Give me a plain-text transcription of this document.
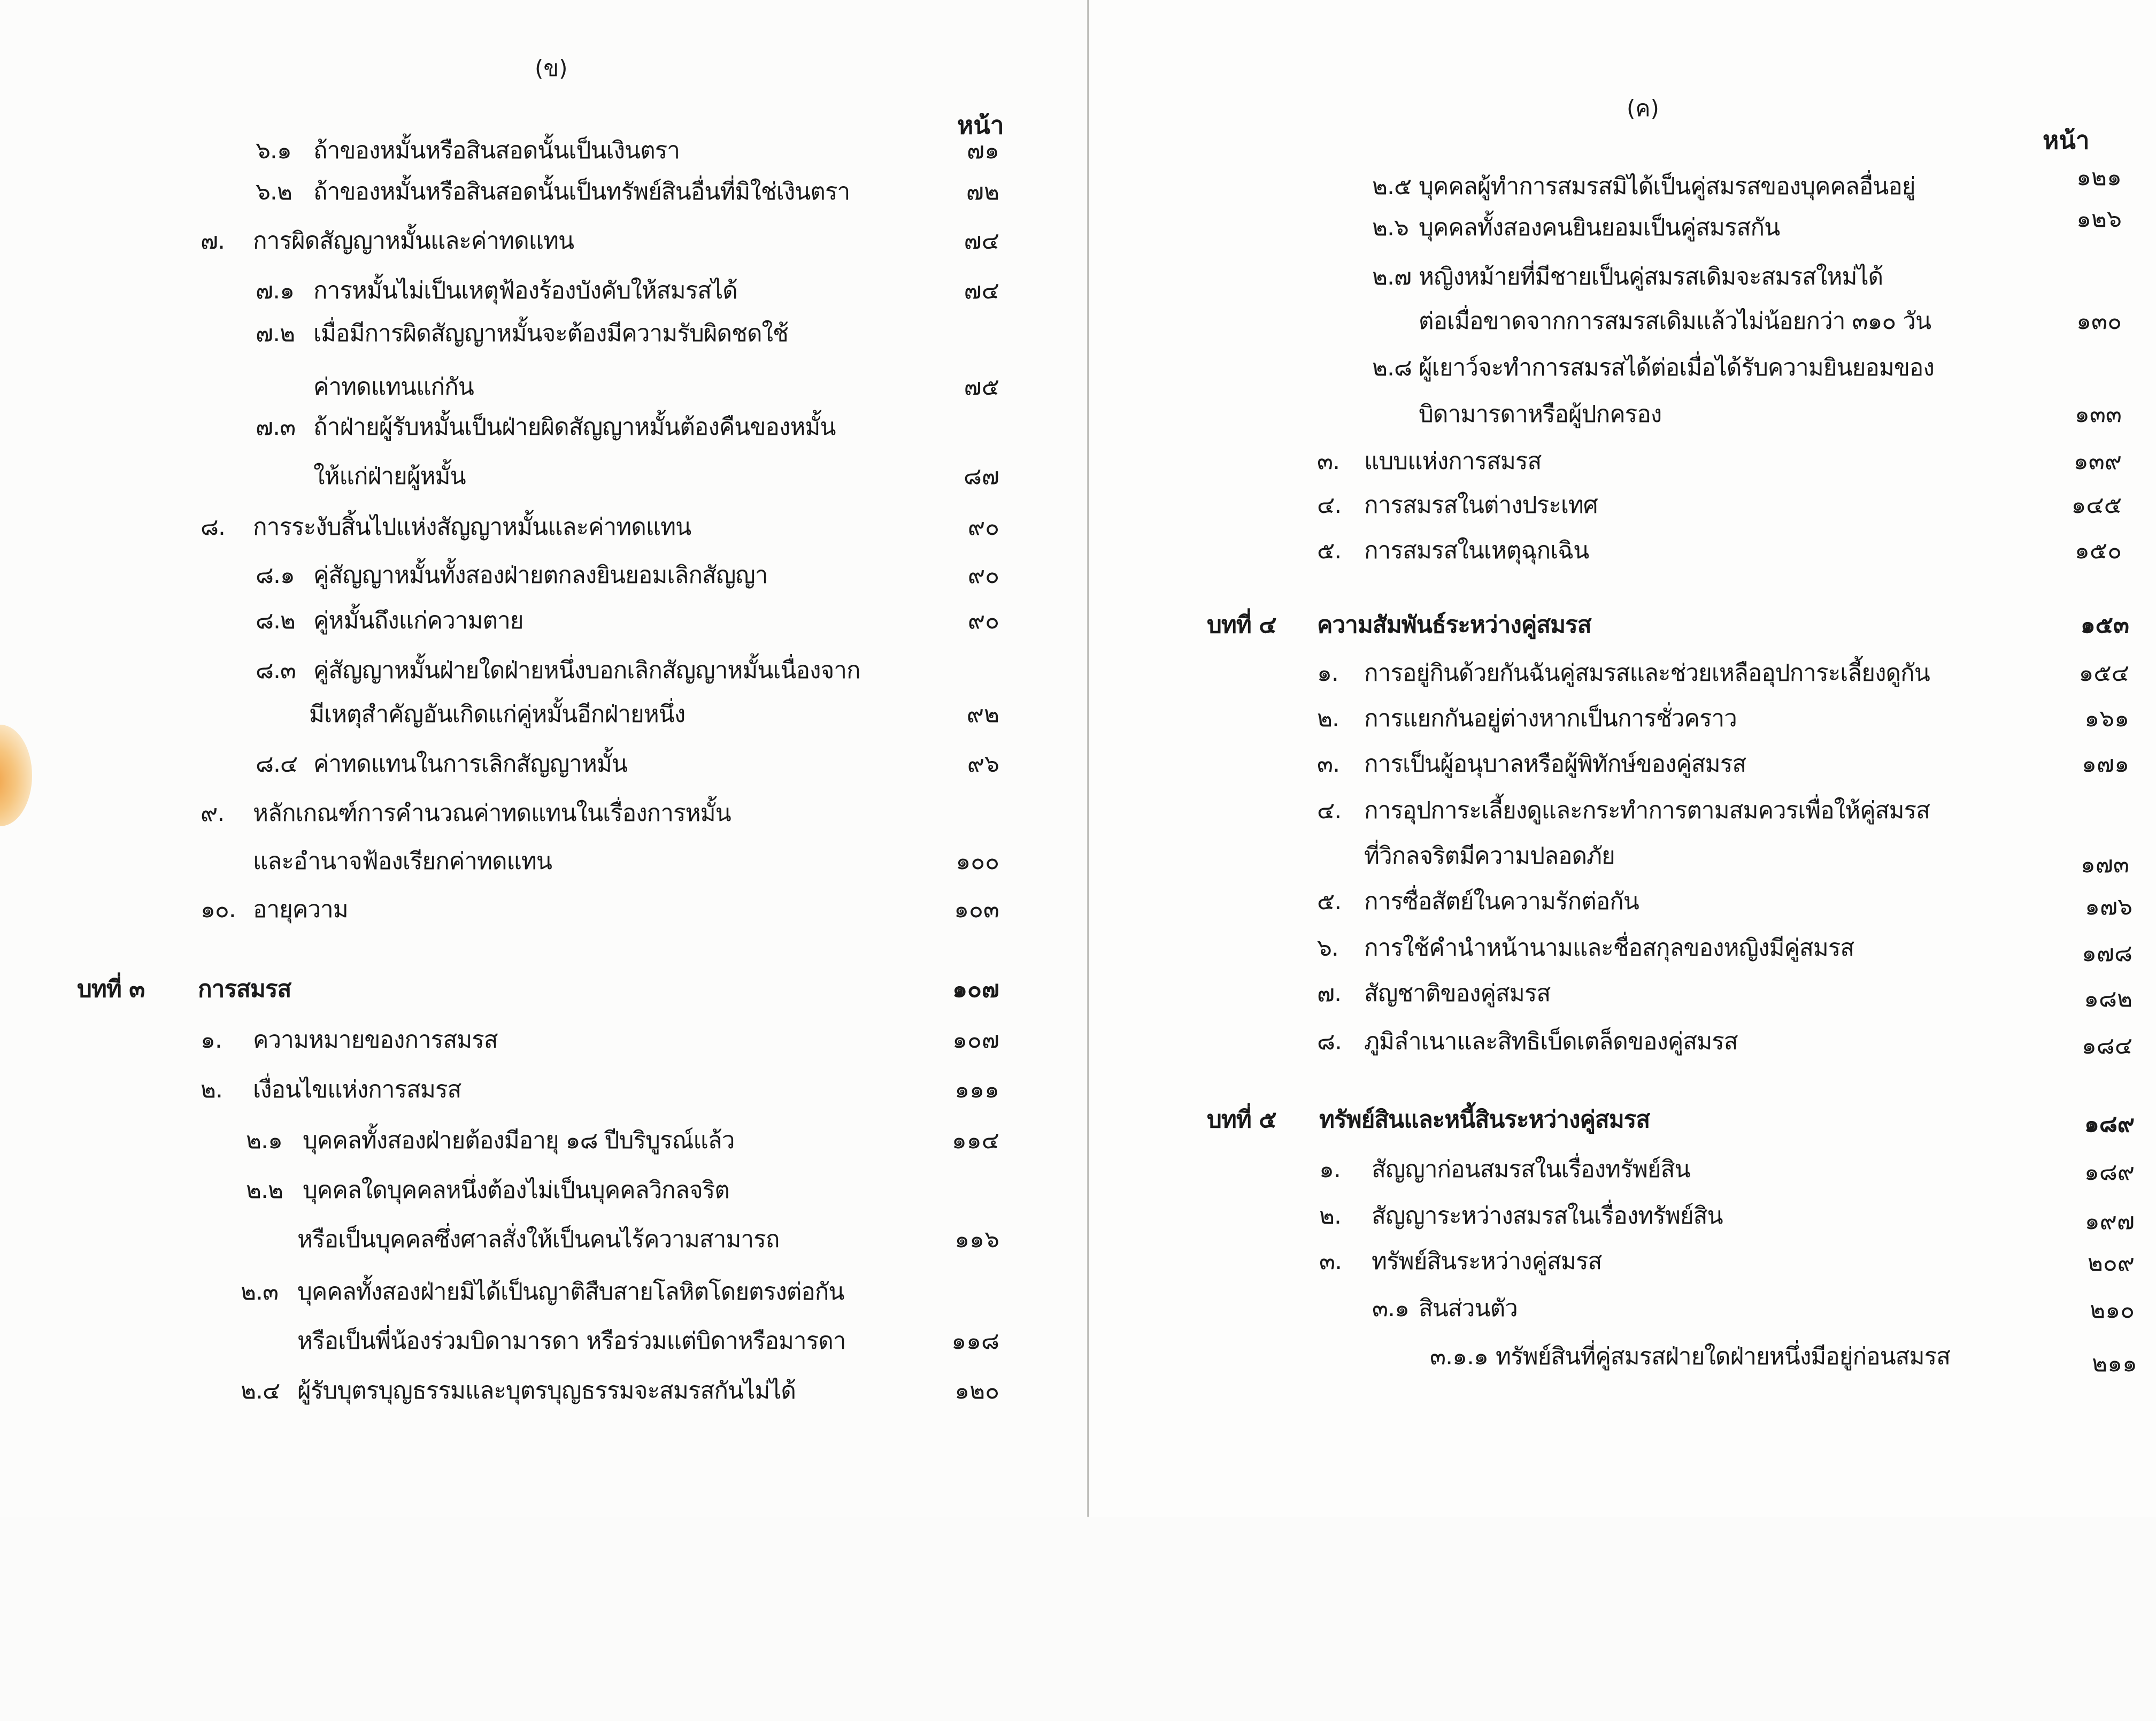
(ข)
หน้า
๖.๑ ถ้าของหมั้นหรือสินสอดนั้นเป็นเงินตรา	๗๑
๖.๒ ถ้าของหมั้นหรือสินสอดนั้นเป็นทรัพย์สินอื่นที่มิใช่เงินตรา	๗๒
๗. การผิดสัญญาหมั้นและค่าทดแทน	๗๔
๗.๑ การหมั้นไม่เป็นเหตุฟ้องร้องบังคับให้สมรสได้	๗๔
๗.๒ เมื่อมีการผิดสัญญาหมั้นจะต้องมีความรับผิดชดใช้
ค่าทดแทนแก่กัน	๗๕
๗.๓ ถ้าฝ่ายผู้รับหมั้นเป็นฝ่ายผิดสัญญาหมั้นต้องคืนของหมั้น
ให้แก่ฝ่ายผู้หมั้น	๘๗
๘. การระงับสิ้นไปแห่งสัญญาหมั้นและค่าทดแทน	๙๐
๘.๑ คู่สัญญาหมั้นทั้งสองฝ่ายตกลงยินยอมเลิกสัญญา	๙๐
๘.๒ คู่หมั้นถึงแก่ความตาย	๙๐
๘.๓ คู่สัญญาหมั้นฝ่ายใดฝ่ายหนึ่งบอกเลิกสัญญาหมั้นเนื่องจาก
มีเหตุสำคัญอันเกิดแก่คู่หมั้นอีกฝ่ายหนึ่ง	๙๒
๘.๔ ค่าทดแทนในการเลิกสัญญาหมั้น	๙๖
๙. หลักเกณฑ์การคำนวณค่าทดแทนในเรื่องการหมั้น
และอำนาจฟ้องเรียกค่าทดแทน	๑๐๐
๑๐. อายุความ	๑๐๓
บทที่ ๓ การสมรส	๑๐๗
๑. ความหมายของการสมรส	๑๐๗
๒. เงื่อนไขแห่งการสมรส	๑๑๑
๒.๑ บุคคลทั้งสองฝ่ายต้องมีอายุ ๑๘ ปีบริบูรณ์แล้ว	๑๑๔
๒.๒ บุคคลใดบุคคลหนึ่งต้องไม่เป็นบุคคลวิกลจริต
หรือเป็นบุคคลซึ่งศาลสั่งให้เป็นคนไร้ความสามารถ	๑๑๖
๒.๓ บุคคลทั้งสองฝ่ายมิได้เป็นญาติสืบสายโลหิตโดยตรงต่อกัน
หรือเป็นพี่น้องร่วมบิดามารดา หรือร่วมแต่บิดาหรือมารดา	๑๑๘
๒.๔ ผู้รับบุตรบุญธรรมและบุตรบุญธรรมจะสมรสกันไม่ได้	๑๒๐
(ค)
หน้า
๒.๕ บุคคลผู้ทำการสมรสมิได้เป็นคู่สมรสของบุคคลอื่นอยู่	๑๒๑
๒.๖ บุคคลทั้งสองคนยินยอมเป็นคู่สมรสกัน	๑๒๖
๒.๗ หญิงหม้ายที่มีชายเป็นคู่สมรสเดิมจะสมรสใหม่ได้
ต่อเมื่อขาดจากการสมรสเดิมแล้วไม่น้อยกว่า ๓๑๐ วัน	๑๓๐
๒.๘ ผู้เยาว์จะทำการสมรสได้ต่อเมื่อได้รับความยินยอมของ
บิดามารดาหรือผู้ปกครอง	๑๓๓
๓. แบบแห่งการสมรส	๑๓๙
๔. การสมรสในต่างประเทศ	๑๔๕
๕. การสมรสในเหตุฉุกเฉิน	๑๕๐
บทที่ ๔ ความสัมพันธ์ระหว่างคู่สมรส	๑๕๓
๑. การอยู่กินด้วยกันฉันคู่สมรสและช่วยเหลืออุปการะเลี้ยงดูกัน	๑๕๔
๒. การแยกกันอยู่ต่างหากเป็นการชั่วคราว	๑๖๑
๓. การเป็นผู้อนุบาลหรือผู้พิทักษ์ของคู่สมรส	๑๗๑
๔. การอุปการะเลี้ยงดูและกระทำการตามสมควรเพื่อให้คู่สมรส
ที่วิกลจริตมีความปลอดภัย	๑๗๓
๕. การซื่อสัตย์ในความรักต่อกัน	๑๗๖
๖. การใช้คำนำหน้านามและชื่อสกุลของหญิงมีคู่สมรส	๑๗๘
๗. สัญชาติของคู่สมรส	๑๘๒
๘. ภูมิลำเนาและสิทธิเบ็ดเตล็ดของคู่สมรส	๑๘๔
บทที่ ๕ ทรัพย์สินและหนี้สินระหว่างคู่สมรส	๑๘๙
๑. สัญญาก่อนสมรสในเรื่องทรัพย์สิน	๑๘๙
๒. สัญญาระหว่างสมรสในเรื่องทรัพย์สิน	๑๙๗
๓. ทรัพย์สินระหว่างคู่สมรส	๒๐๙
๓.๑ สินส่วนตัว	๒๑๐
๓.๑.๑ ทรัพย์สินที่คู่สมรสฝ่ายใดฝ่ายหนึ่งมีอยู่ก่อนสมรส	๒๑๑
